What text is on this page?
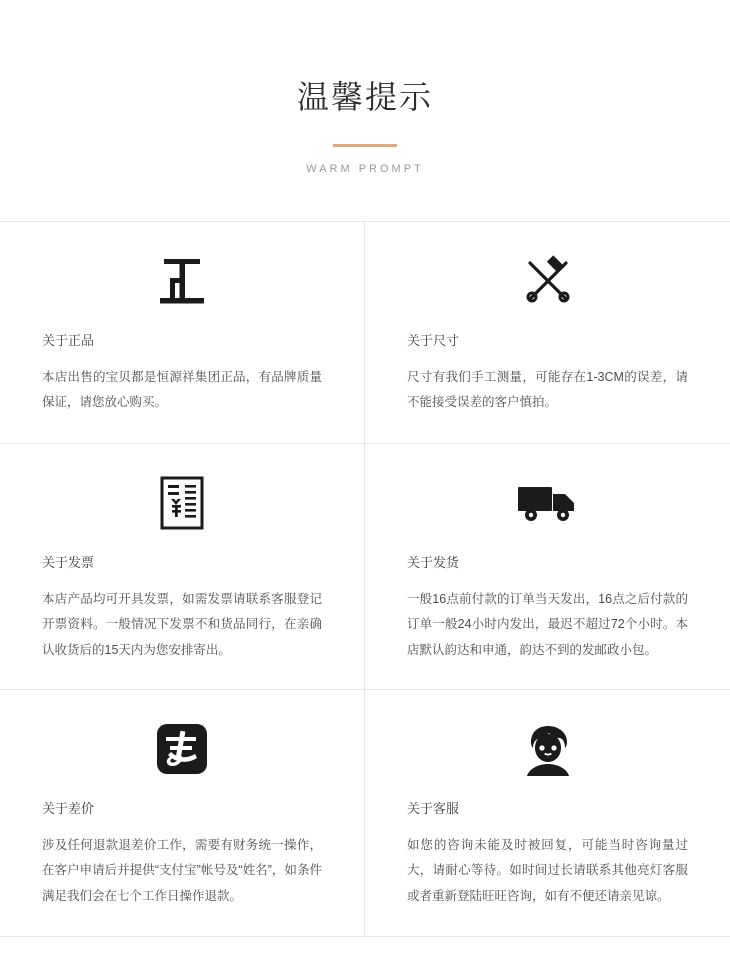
温馨提示
WARM PROMPT
关于正品
本店出售的宝贝都是恒源祥集团正品，有品牌质量保证，请您放心购买。
关于尺寸
尺寸有我们手工测量，可能存在1-3CM的误差，请不能接受误差的客户慎拍。
关于发票
本店产品均可开具发票，如需发票请联系客服登记开票资料。一般情况下发票不和货品同行，在亲确认收货后的15天内为您安排寄出。
关于发货
一般16点前付款的订单当天发出，16点之后付款的订单一般24小时内发出，最迟不超过72个小时。本店默认韵达和申通，韵达不到的发邮政小包。
关于差价
涉及任何退款退差价工作，需要有财务统一操作，在客户申请后并提供“支付宝”帐号及“姓名”，如条件满足我们会在七个工作日操作退款。
关于客服
如您的咨询未能及时被回复，可能当时咨询量过大，请耐心等待。如时间过长请联系其他亮灯客服或者重新登陆旺旺咨询，如有不便还请亲见谅。
